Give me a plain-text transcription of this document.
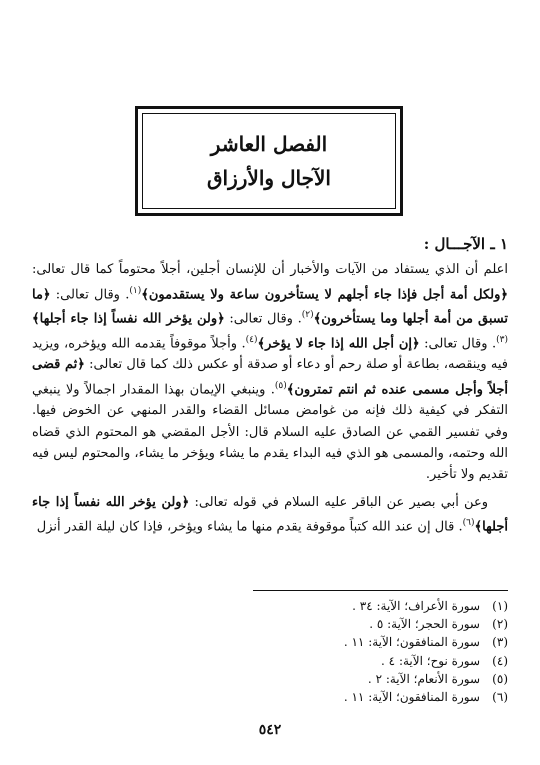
الفصل العاشر
الآجال والأرزاق
١ ـ الآجـــال :

اعلم أن الذي يستفاد من الآيات والأخبار أن للإنسان أجلين، أجلاً محتوماً كما قال تعالى: ﴿ولكل أمة أجل فإذا جاء أجلهم لا يستأخرون ساعة ولا يستقدمون﴾$^{(١)}$. وقال تعالى: ﴿ما تسبق من أمة أجلها وما يستأخرون﴾$^{(٢)}$. وقال تعالى: ﴿ولن يؤخر الله نفساً إذا جاء أجلها﴾$^{(٣)}$. وقال تعالى: ﴿إن أجل الله إذا جاء لا يؤخر﴾$^{(٤)}$. وأجلاً موقوفاً يقدمه الله ويؤخره، ويزيد فيه وينقصه، بطاعة أو صلة رحم أو دعاء أو صدقة أو عكس ذلك كما قال تعالى: ﴿ثم قضى أجلاً وأجل مسمى عنده ثم انتم تمترون﴾$^{(٥)}$. وينبغي الإيمان بهذا المقدار اجمالاً ولا ينبغي التفكر في كيفية ذلك فإنه من غوامض مسائل القضاء والقدر المنهي عن الخوض فيها. وفي تفسير القمي عن الصادق عليه السلام قال: الأجل المقضي هو المحتوم الذي قضاه الله وحتمه، والمسمى هو الذي فيه البداء يقدم ما يشاء ويؤخر ما يشاء، والمحتوم ليس فيه تقديم ولا تأخير.

وعن أبي بصير عن الباقر عليه السلام في قوله تعالى: ﴿ولن يؤخر الله نفساً إذا جاء أجلها﴾$^{(٦)}$. قال إن عند الله كتباً موقوفة يقدم منها ما يشاء ويؤخر، فإذا كان ليلة القدر أنزل

(١)سورة الأعراف؛ الآية: ٣٤ .
(٢)سورة الحجر؛ الآية: ٥ .
(٣)سورة المنافقون؛ الآية: ١١ .
(٤)سورة نوح؛ الآية: ٤ .
(٥)سورة الأنعام؛ الآية: ٢ .
(٦)سورة المنافقون؛ الآية: ١١ .
٥٤٢
